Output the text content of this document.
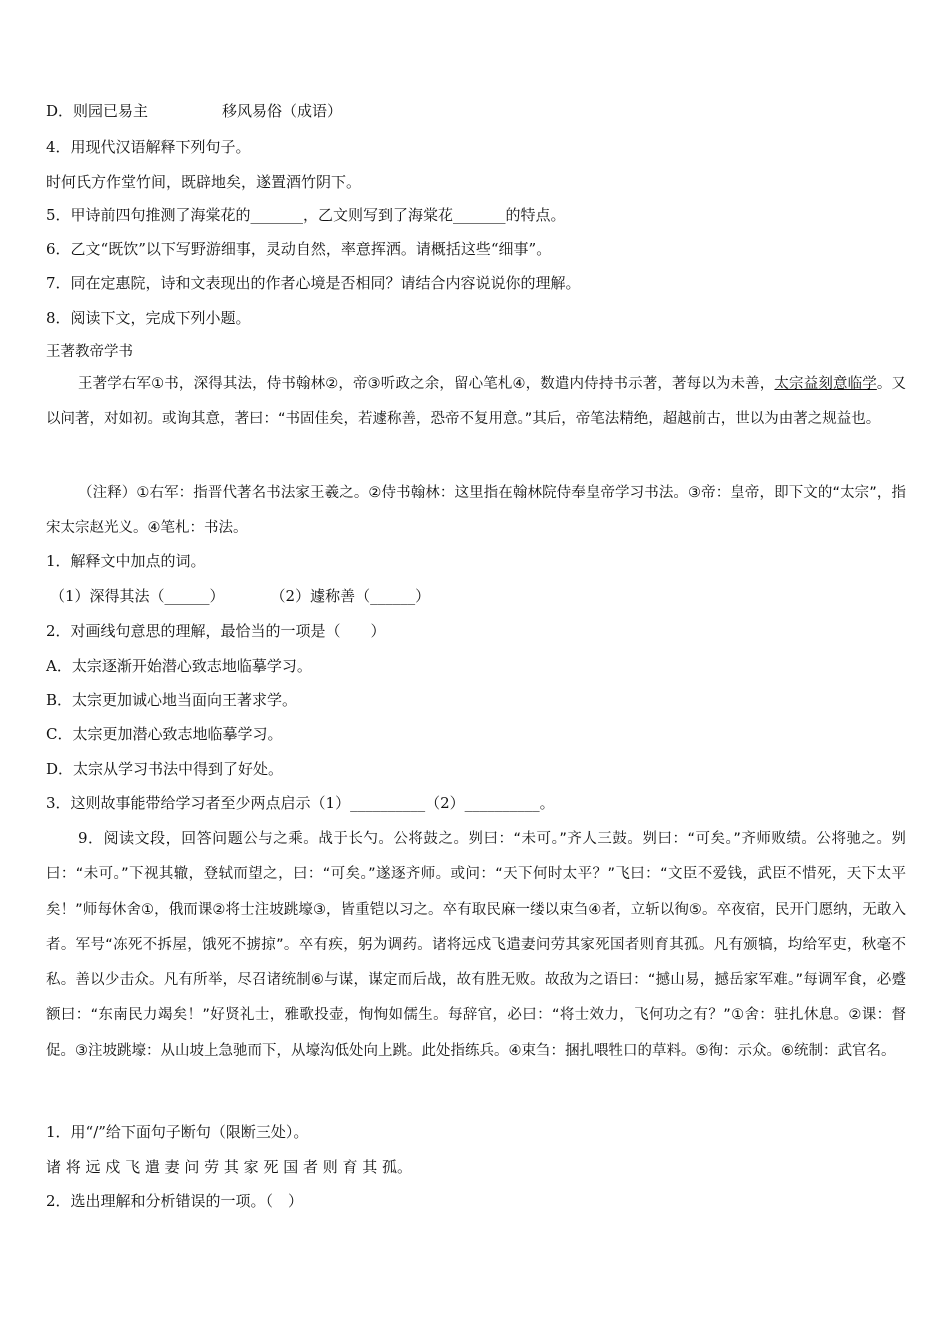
D．则园已易主	移风易俗（成语）
4．用现代汉语解释下列句子。
时何氏方作堂竹间，既辟地矣，遂置酒竹阴下。
5．甲诗前四句推测了海棠花的_______，乙文则写到了海棠花_______的特点。
6．乙文“既饮”以下写野游细事，灵动自然，率意挥洒。请概括这些“细事”。
7．同在定惠院，诗和文表现出的作者心境是否相同？请结合内容说说你的理解。
8．阅读下文，完成下列小题。
王著教帝学书
王著学右军①书，深得其法，侍书翰林②，帝③听政之余，留心笔札④，数遣内侍持书示著，著每以为未善，太宗益刻意临学。又以问著，对如初。或询其意，著曰：“书固佳矣，若遽称善，恐帝不复用意。”其后，帝笔法精绝，超越前古，世以为由著之规益也。
（注释）①右军：指晋代著名书法家王羲之。②侍书翰林：这里指在翰林院侍奉皇帝学习书法。③帝：皇帝，即下文的“太宗”，指宋太宗赵光义。④笔札：书法。
1．解释文中加点的词。
（1）深得其法（______）	（2）遽称善（______）
2．对画线句意思的理解，最恰当的一项是（　　）
A．太宗逐渐开始潜心致志地临摹学习。
B．太宗更加诚心地当面向王著求学。
C．太宗更加潜心致志地临摹学习。
D．太宗从学习书法中得到了好处。
3．这则故事能带给学习者至少两点启示（1）__________（2）__________。
9．阅读文段，回答问题公与之乘。战于长勺。公将鼓之。刿曰：“未可。”齐人三鼓。刿曰：“可矣。”齐师败绩。公将驰之。刿曰：“未可。”下视其辙，登轼而望之，曰：“可矣。”遂逐齐师。或问：“天下何时太平？”飞曰：“文臣不爱钱，武臣不惜死，天下太平矣！”师每休舍①，俄而课②将士注坡跳壕③，皆重铠以习之。卒有取民麻一缕以束刍④者，立斩以徇⑤。卒夜宿，民开门愿纳，无敢入者。军号“冻死不拆屋，饿死不掳掠”。卒有疾，躬为调药。诸将远戍飞遣妻问劳其家死国者则育其孤。凡有颁犒，均给军吏，秋毫不私。善以少击众。凡有所举，尽召诸统制⑥与谋，谋定而后战，故有胜无败。故敌为之语曰：“撼山易，撼岳家军难。”每调军食，必蹙额曰：“东南民力竭矣！”好贤礼士，雅歌投壶，恂恂如儒生。每辞官，必曰：“将士效力，飞何功之有？”①舍：驻扎休息。②课：督促。③注坡跳壕：从山坡上急驰而下，从壕沟低处向上跳。此处指练兵。④束刍：捆扎喂牲口的草料。⑤徇：示众。⑥统制：武官名。
1．用“/”给下面句子断句（限断三处）。
诸 将 远 戍 飞 遣 妻 问 劳 其 家 死 国 者 则 育 其 孤。
2．选出理解和分析错误的一项。（　）
